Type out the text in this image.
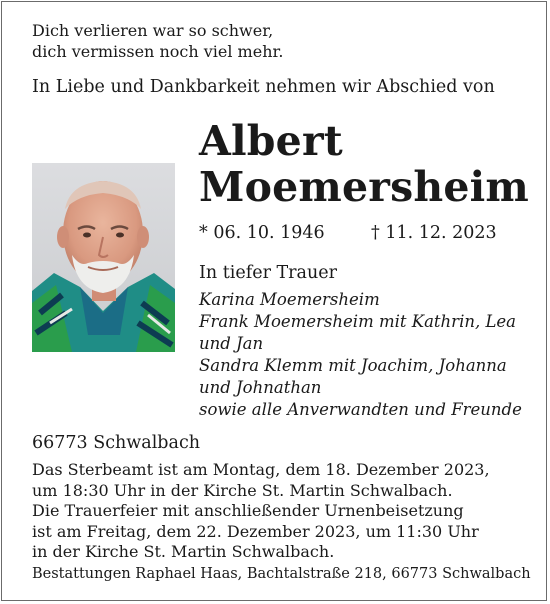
Dich verlieren war so schwer,
dich vermissen noch viel mehr.
In Liebe und Dankbarkeit nehmen wir Abschied von
Albert
Moemersheim
* 06. 10. 1946	† 11. 12. 2023
In tiefer Trauer
Karina Moemersheim
Frank Moemersheim mit Kathrin, Lea
und Jan
Sandra Klemm mit Joachim, Johanna
und Johnathan
sowie alle Anverwandten und Freunde
66773 Schwalbach
Das Sterbeamt ist am Montag, dem 18. Dezember 2023,
um 18:30 Uhr in der Kirche St. Martin Schwalbach.
Die Trauerfeier mit anschließender Urnenbeisetzung
ist am Freitag, dem 22. Dezember 2023, um 11:30 Uhr
in der Kirche St. Martin Schwalbach.
Bestattungen Raphael Haas, Bachtalstraße 218, 66773 Schwalbach
